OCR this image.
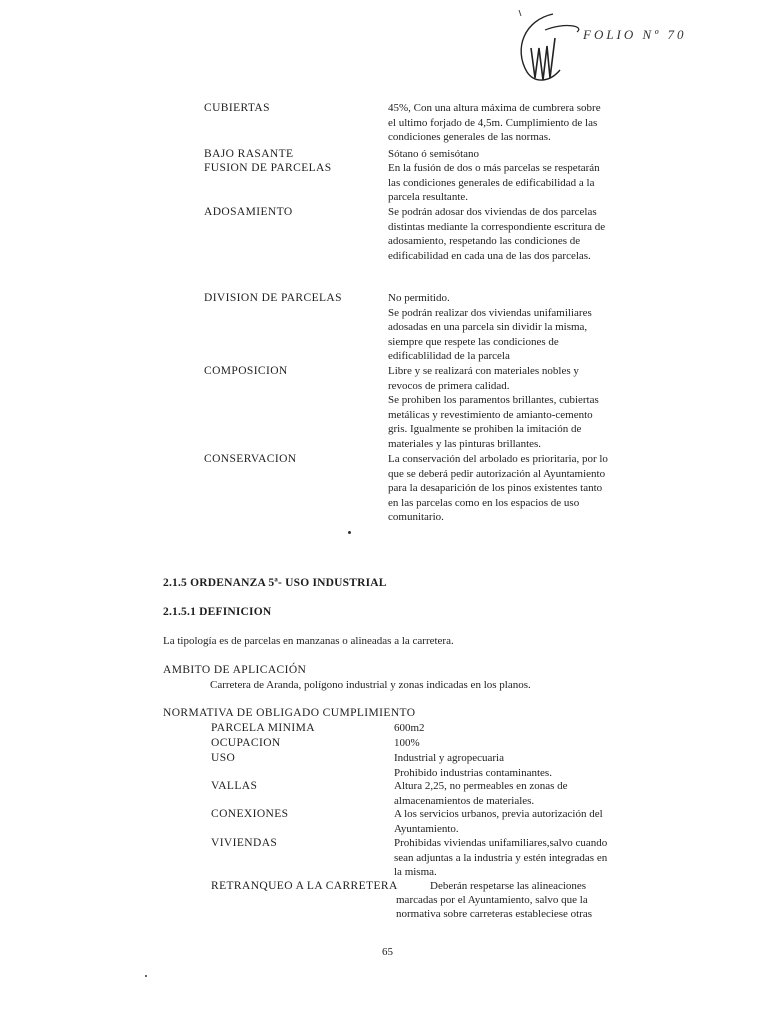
FOLIO Nº 70
CUBIERTAS	45%, Con una altura máxima de cumbrera sobre
el ultimo forjado de 4,5m. Cumplimiento de las
condiciones generales de las normas.
BAJO RASANTE	Sótano ó semisótano
FUSION DE PARCELAS	En la fusión de dos o más parcelas se respetarán
las condiciones generales de edificabilidad a la
parcela resultante.
ADOSAMIENTO	Se podrán adosar dos viviendas de dos parcelas
distintas mediante la correspondiente escritura de
adosamiento, respetando las condiciones de
edificabilidad en cada una de las dos parcelas.
DIVISION DE PARCELAS	No permitido.
Se podrán realizar dos viviendas unifamiliares
adosadas en una parcela sin dividir la misma,
siempre que respete las condiciones de
edificablilidad de la parcela
COMPOSICION	Libre y se realizará con materiales nobles y
revocos de primera calidad.
Se prohiben los paramentos brillantes, cubiertas
metálicas y revestimiento de amianto-cemento
gris. Igualmente se prohiben la imitación de
materiales y las pinturas brillantes.
CONSERVACION	La conservación del arbolado es prioritaria, por lo
que se deberá pedir autorización al Ayuntamiento
para la desaparición de los pinos existentes tanto
en las parcelas como en los espacios de uso
comunitario.
2.1.5 ORDENANZA 5ª- USO INDUSTRIAL
2.1.5.1 DEFINICION
La tipología es de parcelas en manzanas o alineadas a la carretera.
AMBITO DE APLICACIÓN
Carretera de Aranda, polígono industrial y zonas indicadas en los planos.
NORMATIVA DE OBLIGADO CUMPLIMIENTO
PARCELA MINIMA	600m2
OCUPACION	100%
USO	Industrial y agropecuaria
Prohibido industrias contaminantes.
VALLAS	Altura 2,25, no permeables en zonas de
almacenamientos de materiales.
CONEXIONES	A los servicios urbanos, previa autorización del
Ayuntamiento.
VIVIENDAS	Prohibidas viviendas unifamiliares,salvo cuando
sean adjuntas a la industria y estén integradas en
la misma.
RETRANQUEO A LA CARRETERA	Deberán respetarse las alineaciones
marcadas por el Ayuntamiento, salvo que la
normativa sobre carreteras estableciese otras
65
